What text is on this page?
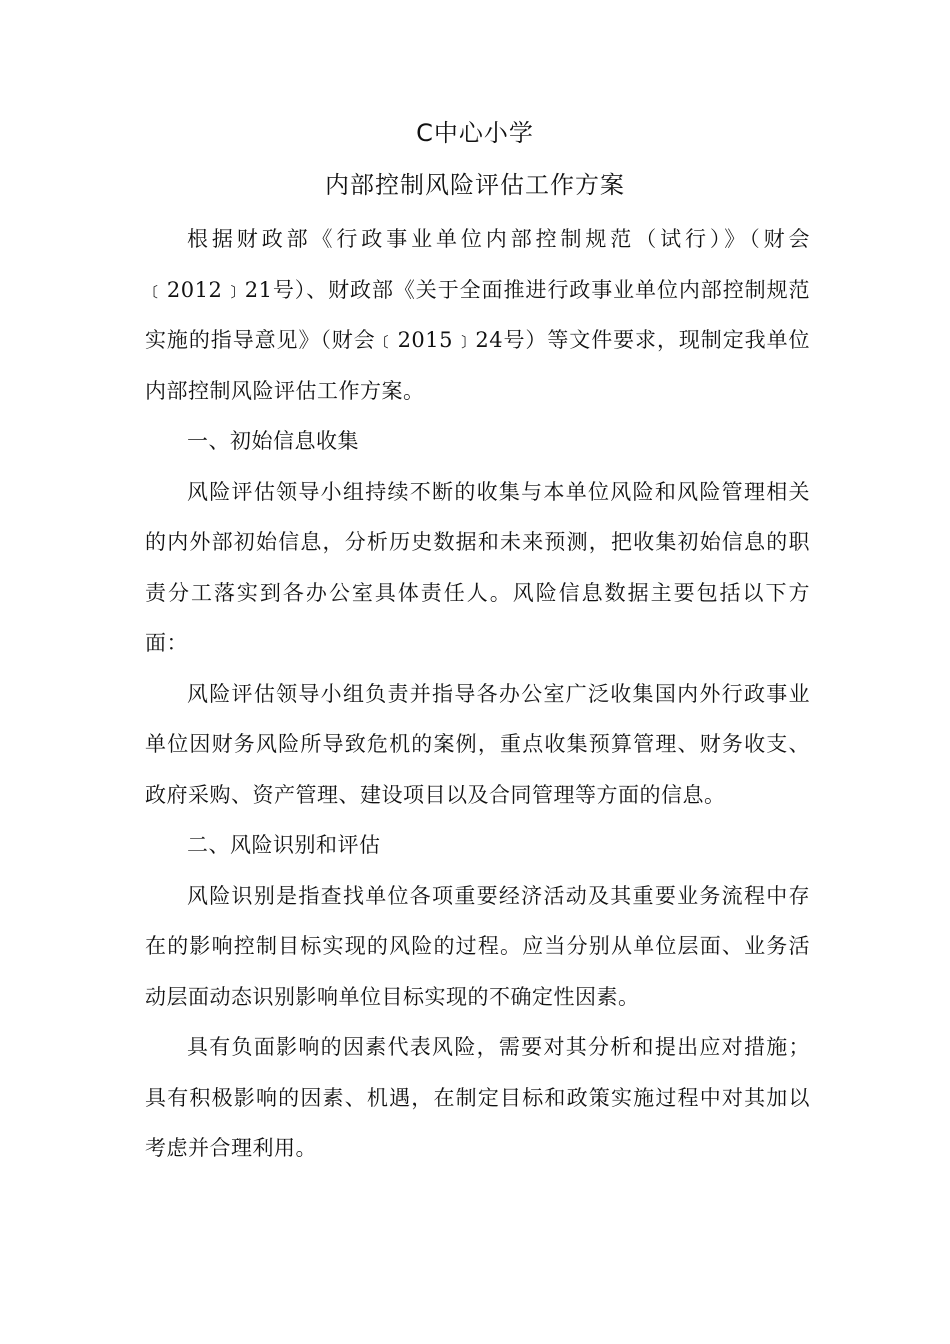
C中心小学
内部控制风险评估工作方案

根据财政部《行政事业单位内部控制规范（试行）》（财会﹝2012﹞21号）、财政部《关于全面推进行政事业单位内部控制规范实施的指导意见》（财会﹝2015﹞24号）等文件要求，现制定我单位内部控制风险评估工作方案。

一、初始信息收集

风险评估领导小组持续不断的收集与本单位风险和风险管理相关的内外部初始信息，分析历史数据和未来预测，把收集初始信息的职责分工落实到各办公室具体责任人。风险信息数据主要包括以下方面：

风险评估领导小组负责并指导各办公室广泛收集国内外行政事业单位因财务风险所导致危机的案例，重点收集预算管理、财务收支、政府采购、资产管理、建设项目以及合同管理等方面的信息。

二、风险识别和评估

风险识别是指查找单位各项重要经济活动及其重要业务流程中存在的影响控制目标实现的风险的过程。应当分别从单位层面、业务活动层面动态识别影响单位目标实现的不确定性因素。

具有负面影响的因素代表风险，需要对其分析和提出应对措施；具有积极影响的因素、机遇，在制定目标和政策实施过程中对其加以考虑并合理利用。
